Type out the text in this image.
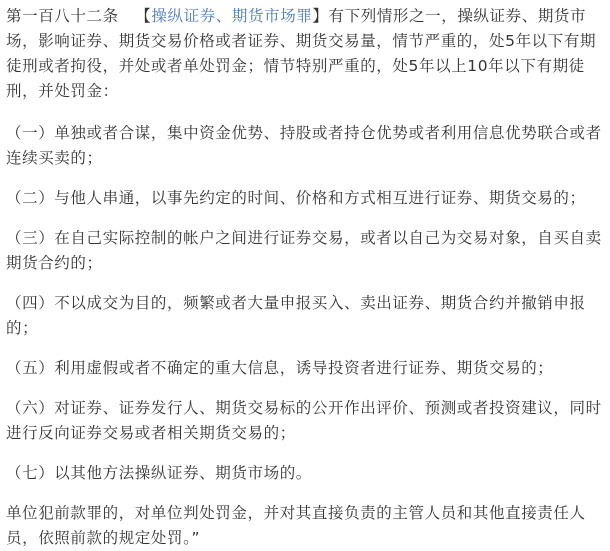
第一百八十二条 【操纵证券、期货市场罪】有下列情形之一，操纵证券、期货市场，影响证券、期货交易价格或者证券、期货交易量，情节严重的，处5年以下有期徒刑或者拘役，并处或者单处罚金；情节特别严重的，处5年以上10年以下有期徒刑，并处罚金：

（一）单独或者合谋，集中资金优势、持股或者持仓优势或者利用信息优势联合或者连续买卖的；

（二）与他人串通，以事先约定的时间、价格和方式相互进行证券、期货交易的；

（三）在自己实际控制的帐户之间进行证券交易，或者以自己为交易对象，自买自卖期货合约的；

（四）不以成交为目的，频繁或者大量申报买入、卖出证券、期货合约并撤销申报的；

（五）利用虚假或者不确定的重大信息，诱导投资者进行证券、期货交易的；

（六）对证券、证券发行人、期货交易标的公开作出评价、预测或者投资建议，同时进行反向证券交易或者相关期货交易的；

（七）以其他方法操纵证券、期货市场的。

单位犯前款罪的，对单位判处罚金，并对其直接负责的主管人员和其他直接责任人员，依照前款的规定处罚。”
